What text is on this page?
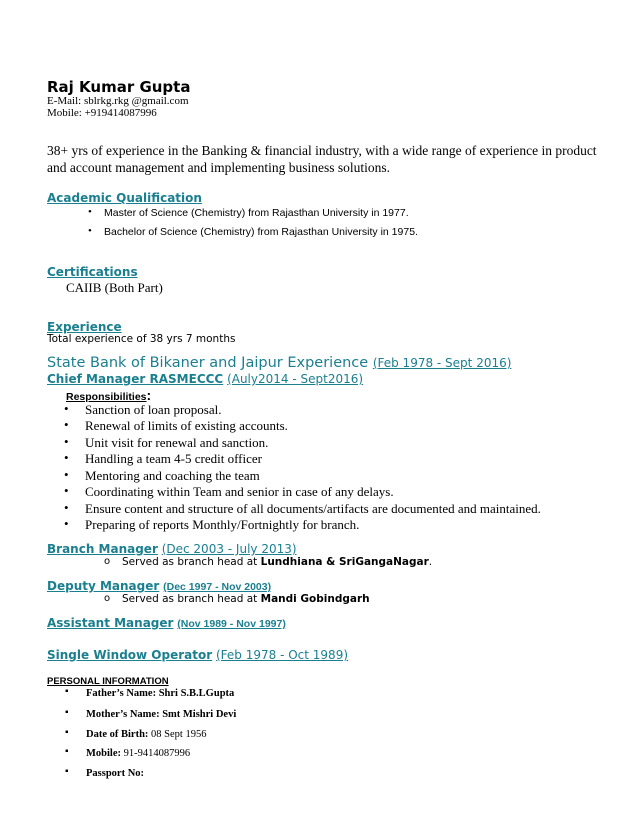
Raj Kumar Gupta
E-Mail: sblrkg.rkg @gmail.com
Mobile: +919414087996
38+ yrs of experience in the Banking & financial industry, with a wide range of experience in product
and account management and implementing business solutions.
Academic Qualification
•
Master of Science (Chemistry) from Rajasthan University in 1977.
•
Bachelor of Science (Chemistry) from Rajasthan University in 1975.
Certifications
CAIIB (Both Part)
Experience
Total experience of 38 yrs 7 months
State Bank of Bikaner and Jaipur Experience (Feb 1978 - Sept 2016)
Chief Manager RASMECCC (Auly2014 - Sept2016)
Responsibilities:
•
Sanction of loan proposal.
•
Renewal of limits of existing accounts.
•
Unit visit for renewal and sanction.
•
Handling a team 4-5 credit officer
•
Mentoring and coaching the team
•
Coordinating within Team and senior in case of any delays.
•
Ensure content and structure of all documents/artifacts are documented and maintained.
•
Preparing of reports Monthly/Fortnightly for branch.
Branch Manager (Dec 2003 - July 2013)
o
Served as branch head at Lundhiana & SriGangaNagar.
Deputy Manager (Dec 1997 - Nov 2003)
o
Served as branch head at Mandi Gobindgarh
Assistant Manager (Nov 1989 - Nov 1997)
Single Window Operator (Feb 1978 - Oct 1989)
PERSONAL INFORMATION
▪
Father’s Name: Shri S.B.LGupta
▪
Mother’s Name: Smt Mishri Devi
▪
Date of Birth: 08 Sept 1956
▪
Mobile: 91-9414087996
▪
Passport No:
